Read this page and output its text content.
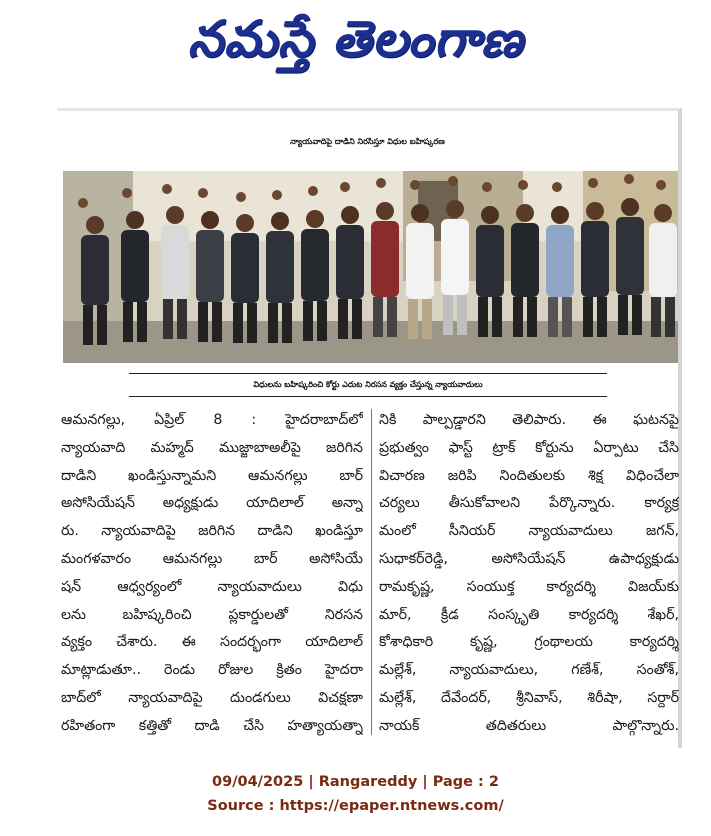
నమస్తే తెలంగాణ
న్యాయవాదిపై దాడిని నిరసిస్తూ విధుల బహిష్కరణ
విధులను బహిష్కరించి కోర్టు ఎదుట నిరసన వ్యక్తం చేస్తున్న న్యాయవాదులు
ఆమనగల్లు, ఏప్రిల్ 8 : హైదరాబాద్‌లో
న్యాయవాది మహ్మద్ ముజ్జాబాఅలీపై జరిగిన
దాడిని ఖండిస్తున్నామని ఆమనగల్లు బార్
అసోసియేషన్ అధ్యక్షుడు యాదిలాల్ అన్నా
రు. న్యాయవాదిపై జరిగిన దాడిని ఖండిస్తూ
మంగళవారం ఆమనగల్లు బార్ అసోసియే
షన్ ఆధ్వర్యంలో న్యాయవాదులు విధు
లను బహిష్కరించి ప్లకార్డులతో నిరసన
వ్యక్తం చేశారు. ఈ సందర్భంగా యాదిలాల్
మాట్లాడుతూ.. రెండు రోజుల క్రితం హైదరా
బాద్‌లో న్యాయవాదిపై దుండగులు విచక్షణా
రహితంగా కత్తితో దాడి చేసి హత్యాయత్నా
నికి పాల్పడ్డారని తెలిపారు. ఈ ఘటనపై
ప్రభుత్వం ఫాస్ట్ ట్రాక్ కోర్టును ఏర్పాటు చేసి
విచారణ జరిపి నిందితులకు శిక్ష విధించేలా
చర్యలు తీసుకోవాలని పేర్కొన్నారు. కార్యక్ర
మంలో సీనియర్ న్యాయవాదులు జగన్,
సుధాకర్‌రెడ్డి, అసోసియేషన్ ఉపాధ్యక్షుడు
రామకృష్ణ, సంయుక్త కార్యదర్శి విజయ్‌కు
మార్, క్రీడ సంస్కృతి కార్యదర్శి శేఖర్,
కోశాధికారి కృష్ణ, గ్రంథాలయ కార్యదర్శి
మల్లేశ్, న్యాయవాదులు, గణేశ్, సంతోశ్,
మల్లేశ్, దేవేందర్, శ్రీనివాస్, శిరీషా, సర్దార్
నాయక్ తదితరులు పాల్గొన్నారు.
09/04/2025 | Rangareddy | Page : 2
Source : https://epaper.ntnews.com/
